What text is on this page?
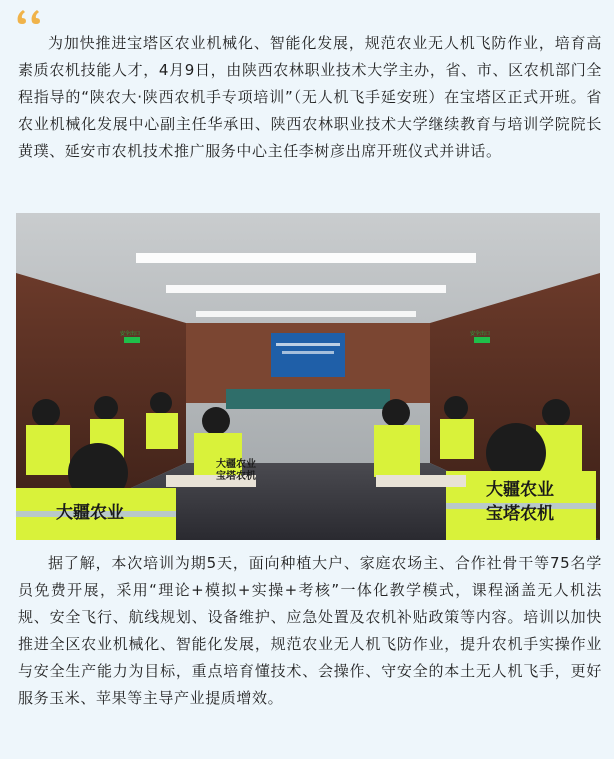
为加快推进宝塔区农业机械化、智能化发展，规范农业无人机飞防作业，培育高素质农机技能人才，4月9日，由陕西农林职业技术大学主办，省、市、区农机部门全程指导的“陕农大·陕西农机手专项培训”（无人机飞手延安班）在宝塔区正式开班。省农业机械化发展中心副主任华承田、陕西农林职业技术大学继续教育与培训学院院长黄璞、延安市农机技术推广服务中心主任李树彦出席开班仪式并讲话。

大疆农业
大疆农业
宝塔农机
大疆农业
宝塔农机
安全出口	安全出口

据了解，本次培训为期5天，面向种植大户、家庭农场主、合作社骨干等75名学员免费开展，采用“理论+模拟+实操+考核”一体化教学模式，课程涵盖无人机法规、安全飞行、航线规划、设备维护、应急处置及农机补贴政策等内容。培训以加快推进全区农业机械化、智能化发展，规范农业无人机飞防作业，提升农机手实操作业与安全生产能力为目标，重点培育懂技术、会操作、守安全的本土无人机飞手，更好服务玉米、苹果等主导产业提质增效。
